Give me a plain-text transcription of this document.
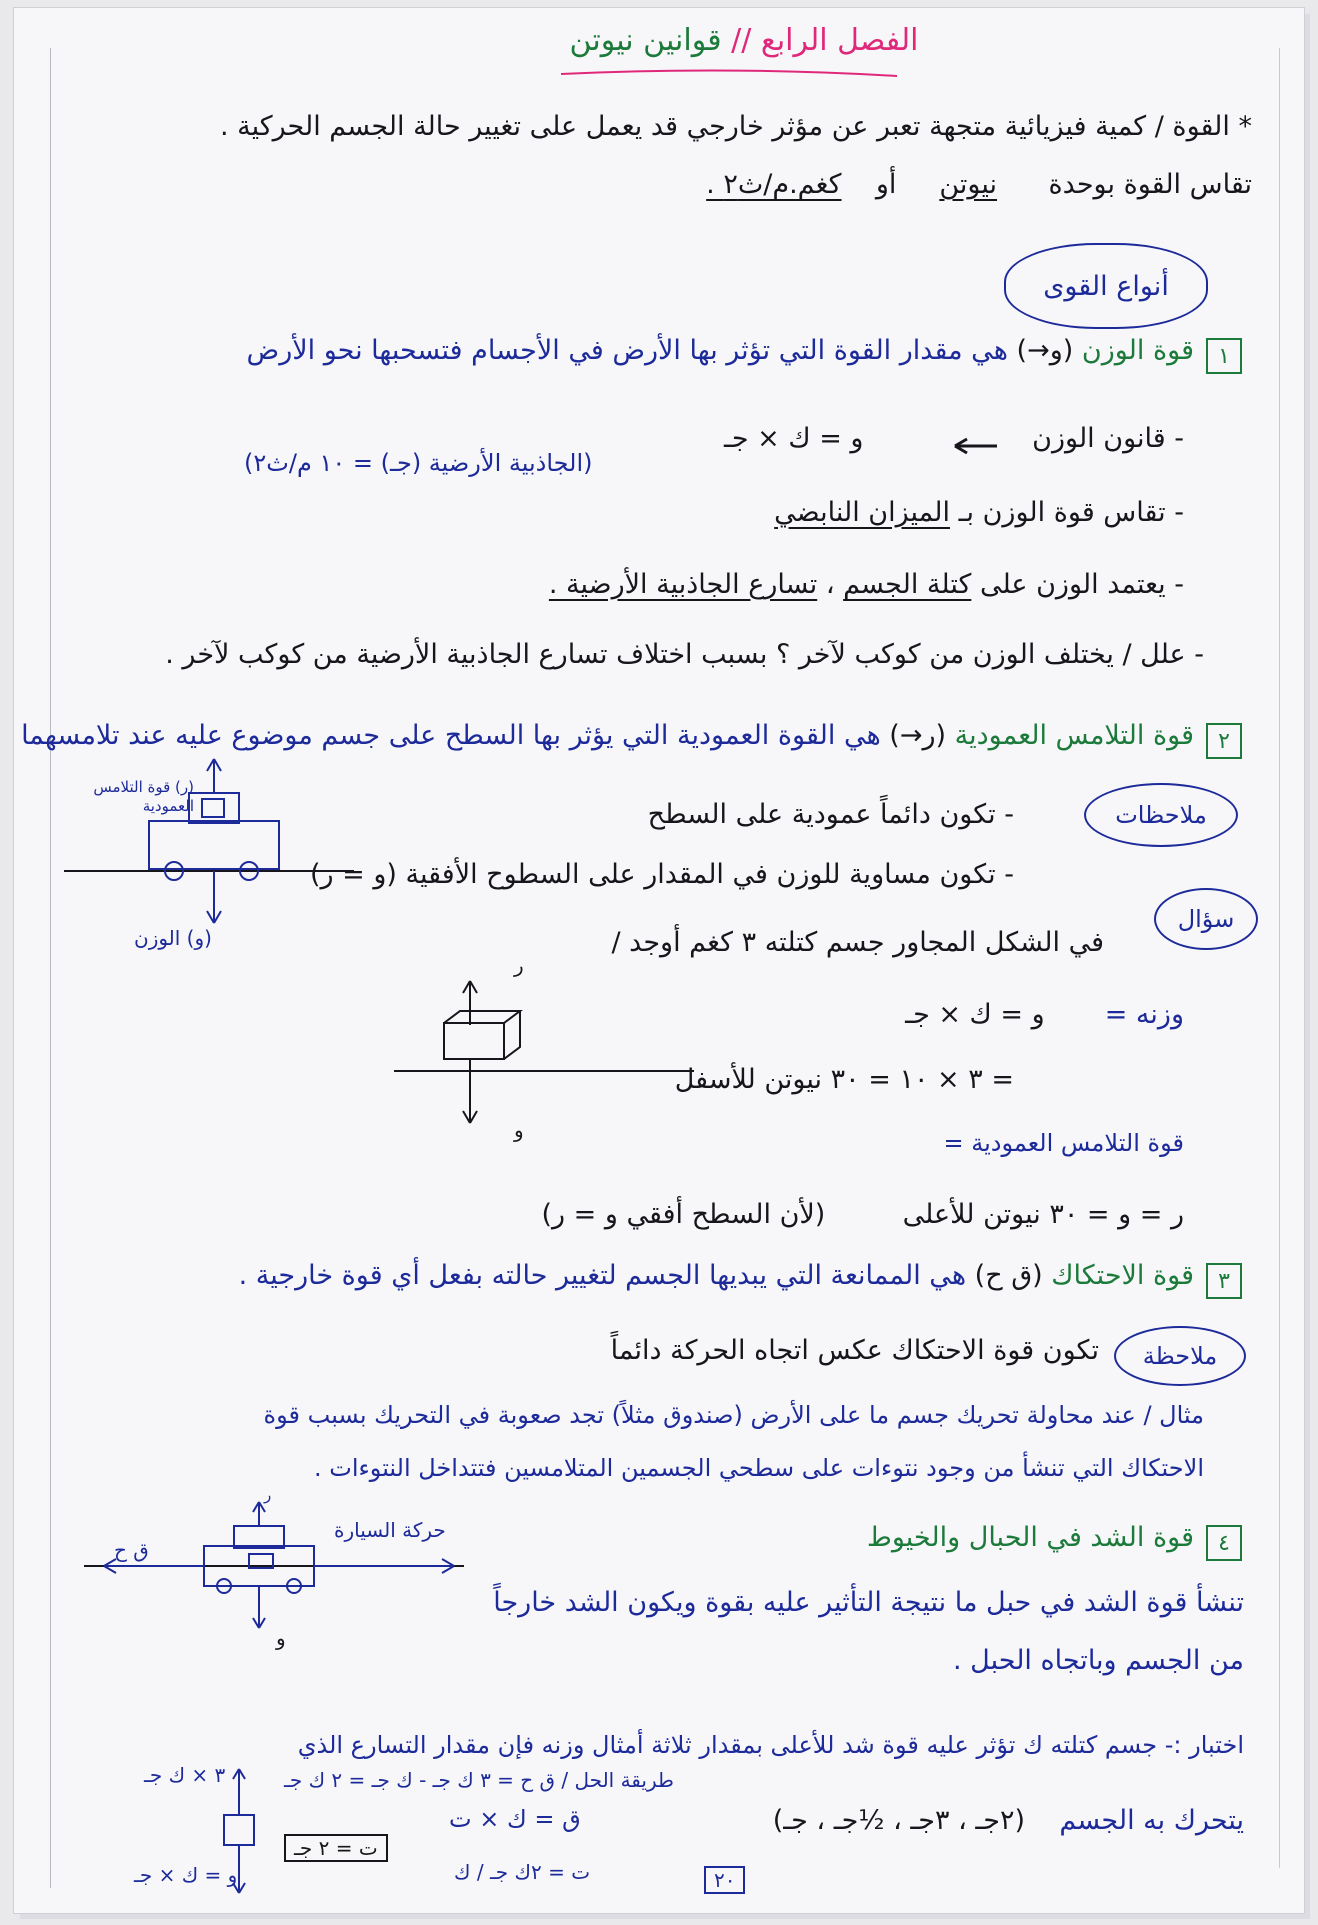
الفصل الرابع // قوانين نيوتن
* القوة / كمية فيزيائية متجهة تعبر عن مؤثر خارجي قد يعمل على تغيير حالة الجسم الحركية .
تقاس القوة بوحدة      نيوتن     أو    كغم.م/ث٢ .
أنواع القوى
١
قوة الوزن (و→) هي مقدار القوة التي تؤثر بها الأرض في الأجسام فتسحبها نحو الأرض
- قانون الوزن
و = ك × جـ
(الجاذبية الأرضية (جـ) = ١٠ م/ث٢)
- تقاس قوة الوزن بـ الميزان النابضي
- يعتمد الوزن على كتلة الجسم ، تسارع الجاذبية الأرضية .
- علل / يختلف الوزن من كوكب لآخر ؟ بسبب اختلاف تسارع الجاذبية الأرضية من كوكب لآخر .
٢
قوة التلامس العمودية (ر→) هي القوة العمودية التي يؤثر بها السطح على جسم موضوع عليه عند تلامسهما
ملاحظات
- تكون دائماً عمودية على السطح
- تكون مساوية للوزن في المقدار على السطوح الأفقية (و = ر)
(ر) قوة التلامس العمودية
(و) الوزن
سؤال
في الشكل المجاور جسم كتلته ٣ كغم أوجد /
ر
و
وزنه =       و = ك × جـ
= ٣ × ١٠ = ٣٠ نيوتن للأسفل
قوة التلامس العمودية =
ر = و = ٣٠ نيوتن للأعلى         (لأن السطح أفقي و = ر)
٣
قوة الاحتكاك (ق ح) هي الممانعة التي يبديها الجسم لتغيير حالته بفعل أي قوة خارجية .
ملاحظة
تكون قوة الاحتكاك عكس اتجاه الحركة دائماً
مثال / عند محاولة تحريك جسم ما على الأرض (صندوق مثلاً) تجد صعوبة في التحريك بسبب قوة
الاحتكاك التي تنشأ من وجود نتوءات على سطحي الجسمين المتلامسين فتتداخل النتوءات .
حركة السيارة
ق ح
ر
و
٤
قوة الشد في الحبال والخيوط
تنشأ قوة الشد في حبل ما نتيجة التأثير عليه بقوة ويكون الشد خارجاً
من الجسم وباتجاه الحبل .
اختبار :- جسم كتلته ك تؤثر عليه قوة شد للأعلى بمقدار ثلاثة أمثال وزنه فإن مقدار التسارع الذي
يتحرك به الجسم    (٢جـ ، ٣جـ ، ½جـ ، جـ)
طريقة الحل / ق ح = ٣ ك جـ - ك جـ = ٢ ك جـ
ق = ك × ت
ت = ٢ك جـ / ك
ت = ٢ جـ
٣ × ك جـ
و = ك × جـ	٢٠
